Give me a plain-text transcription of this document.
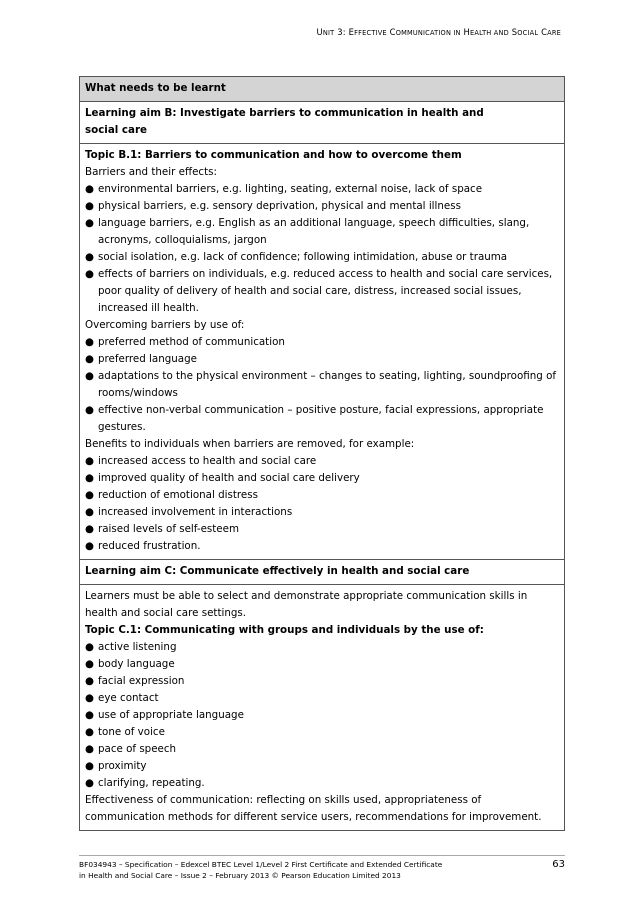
UNIT 3: EFFECTIVE COMMUNICATION IN HEALTH AND SOCIAL CARE
What needs to be learnt
Learning aim B: Investigate barriers to communication in health and social care

Topic B.1: Barriers to communication and how to overcome them
Barriers and their effects:
● environmental barriers, e.g. lighting, seating, external noise, lack of space
● physical barriers, e.g. sensory deprivation, physical and mental illness
● language barriers, e.g. English as an additional language, speech difficulties, slang, acronyms, colloquialisms, jargon
● social isolation, e.g. lack of confidence; following intimidation, abuse or trauma
● effects of barriers on individuals, e.g. reduced access to health and social care services, poor quality of delivery of health and social care, distress, increased social issues, increased ill health.
Overcoming barriers by use of:
● preferred method of communication
● preferred language
● adaptations to the physical environment – changes to seating, lighting, soundproofing of rooms/windows
● effective non-verbal communication – positive posture, facial expressions, appropriate gestures.
Benefits to individuals when barriers are removed, for example:
● increased access to health and social care
● improved quality of health and social care delivery
● reduction of emotional distress
● increased involvement in interactions
● raised levels of self-esteem
● reduced frustration.

Learning aim C: Communicate effectively in health and social care

Learners must be able to select and demonstrate appropriate communication skills in health and social care settings.
Topic C.1: Communicating with groups and individuals by the use of:
● active listening
● body language
● facial expression
● eye contact
● use of appropriate language
● tone of voice
● pace of speech
● proximity
● clarifying, repeating.
Effectiveness of communication: reflecting on skills used, appropriateness of communication methods for different service users, recommendations for improvement.
BF034943 – Specification – Edexcel BTEC Level 1/Level 2 First Certificate and Extended Certificate
in Health and Social Care – Issue 2 – February 2013 © Pearson Education Limited 2013
63
